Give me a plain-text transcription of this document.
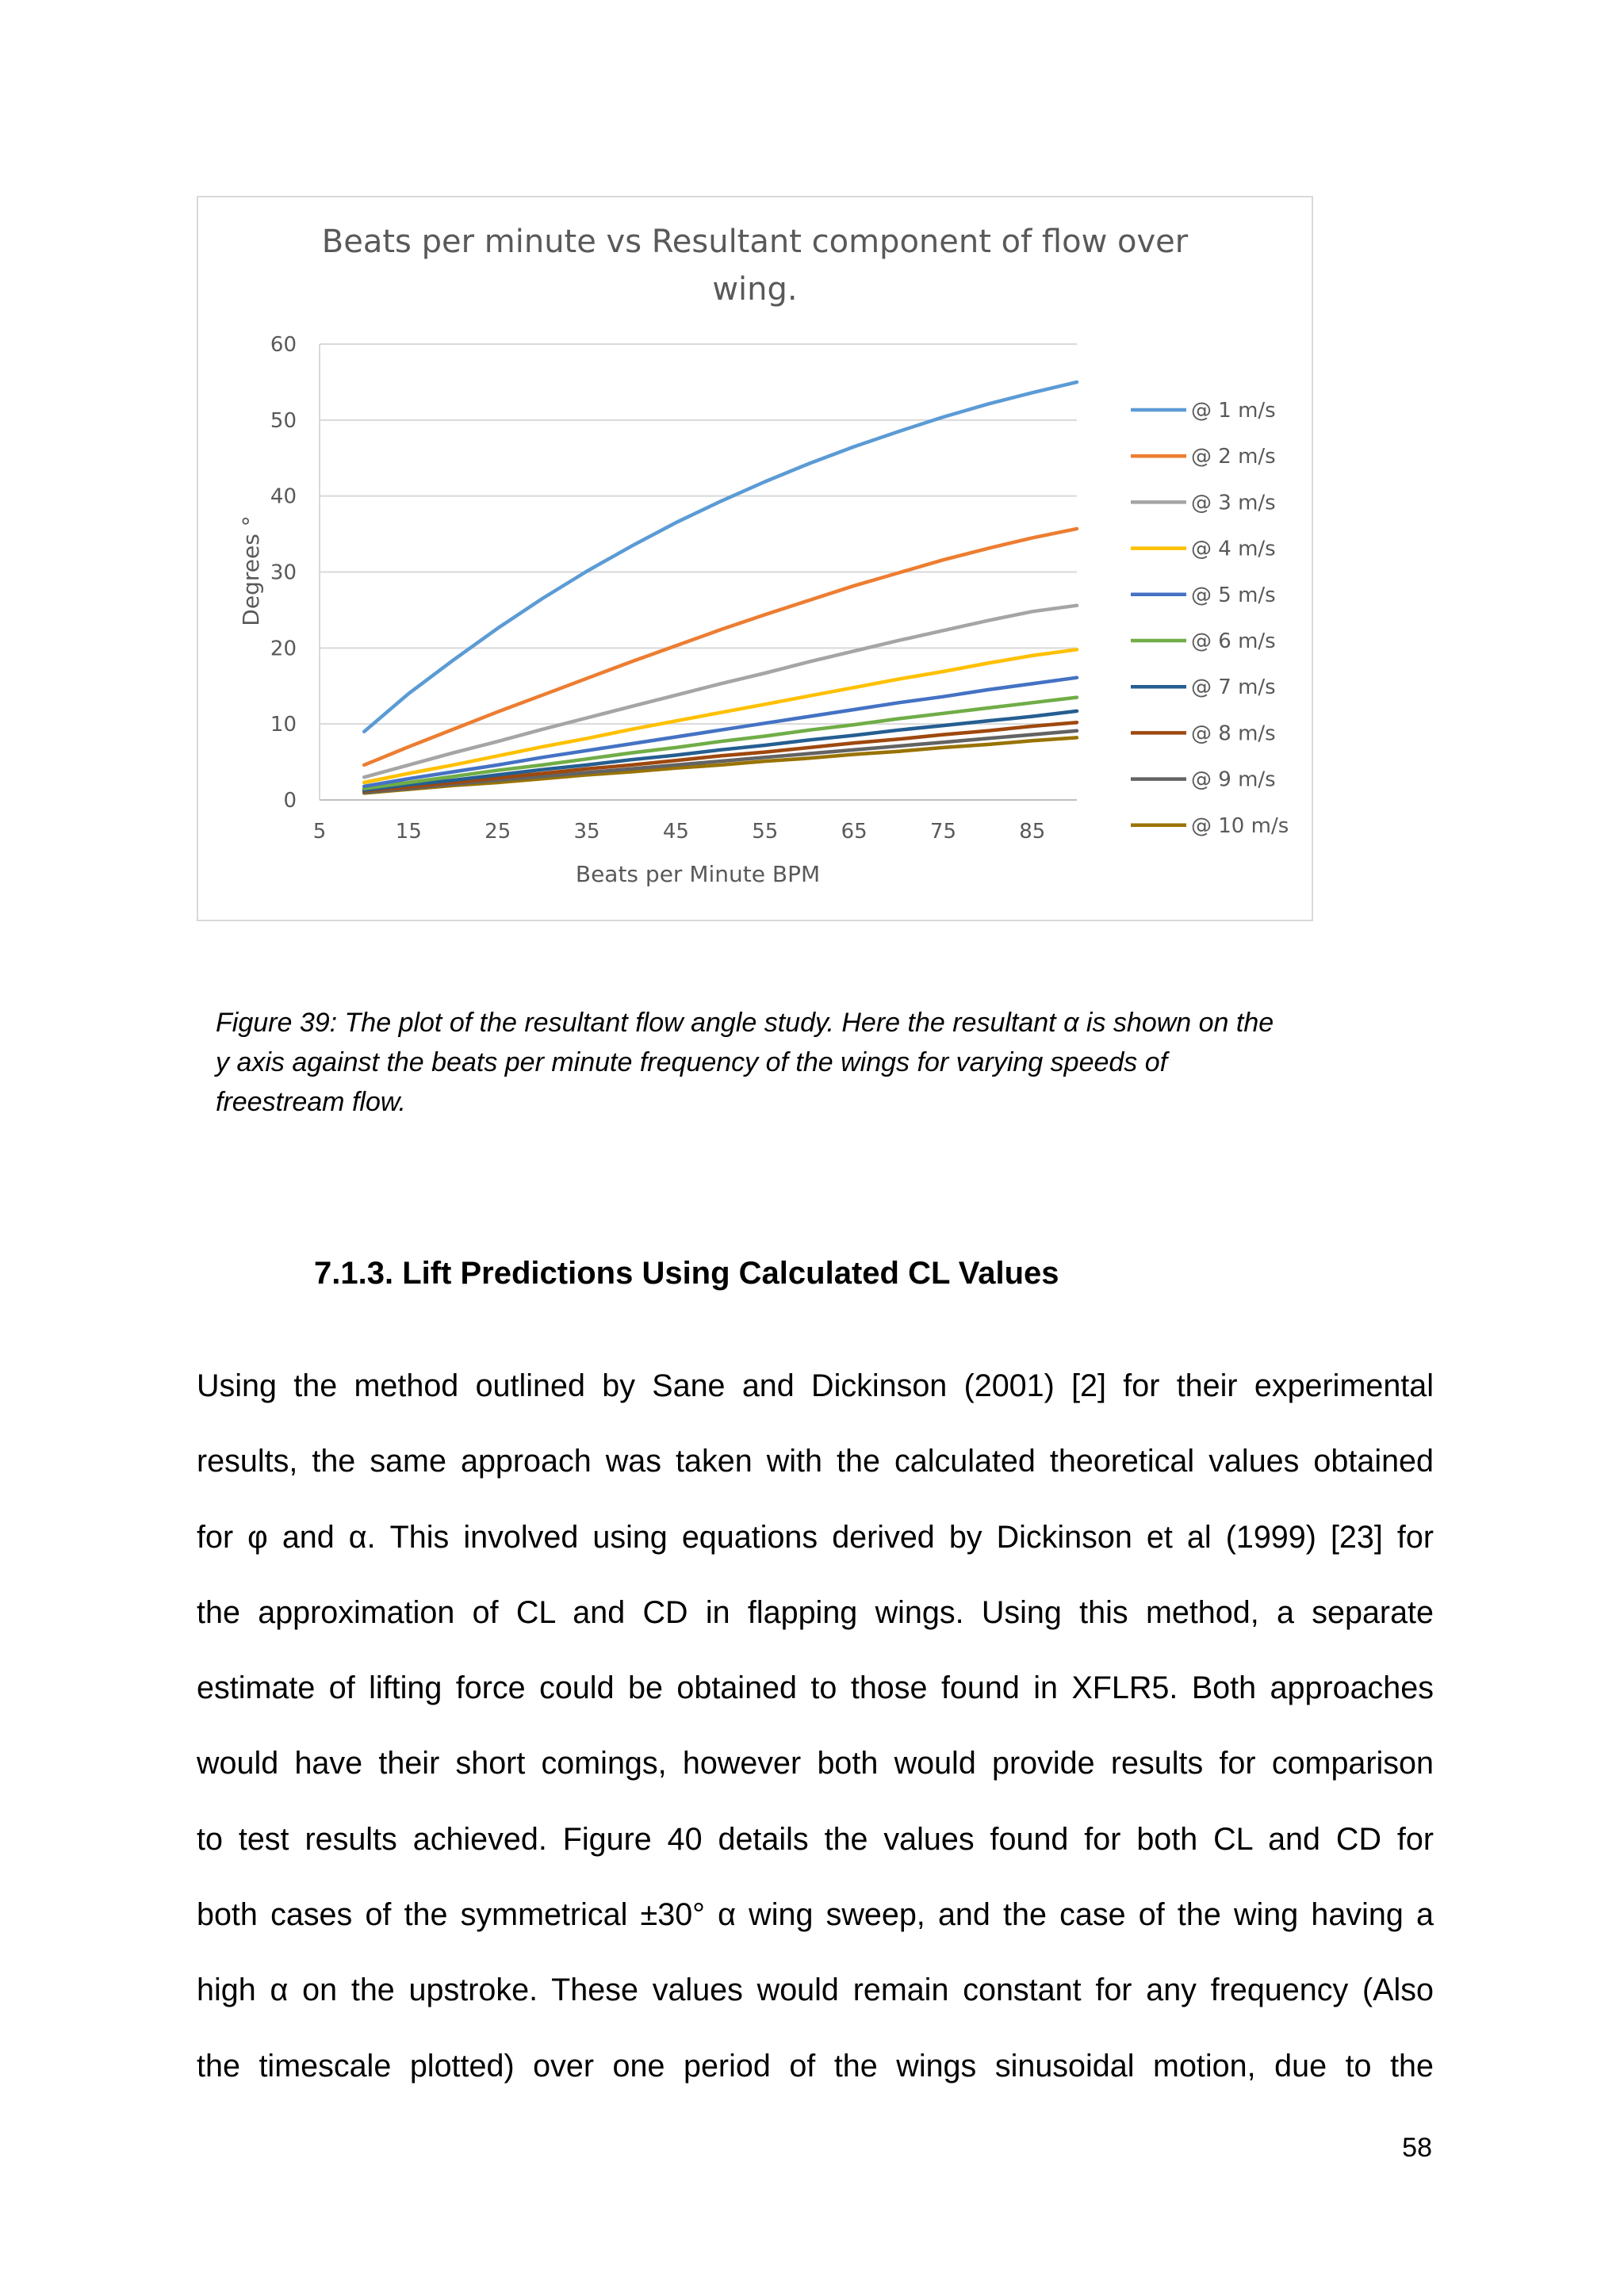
Beats per minute vs Resultant component of flow over
wing.
0
10
20
30
40
50
60
5	15	25	35	45	55	65	75	85
@ 1 m/s
@ 2 m/s
@ 3 m/s
@ 4 m/s
@ 5 m/s
@ 6 m/s
@ 7 m/s
@ 8 m/s
@ 9 m/s
@ 10 m/s
Degrees °
Beats per Minute BPM
Figure 39: The plot of the resultant flow angle study. Here the resultant α is shown on the
y axis against the beats per minute frequency of the wings for varying speeds of
freestream flow.
7.1.3. Lift Predictions Using Calculated CL Values
Using the method outlined by Sane and Dickinson (2001) [2] for their experimental
results, the same approach was taken with the calculated theoretical values obtained
for φ and α. This involved using equations derived by Dickinson et al (1999) [23] for
the approximation of CL and CD in flapping wings. Using this method, a separate
estimate of lifting force could be obtained to those found in XFLR5. Both approaches
would have their short comings, however both would provide results for comparison
to test results achieved. Figure 40 details the values found for both CL and CD for
both cases of the symmetrical ±30° α wing sweep, and the case of the wing having a
high α on the upstroke. These values would remain constant for any frequency (Also
the timescale plotted) over one period of the wings sinusoidal motion, due to the
58
